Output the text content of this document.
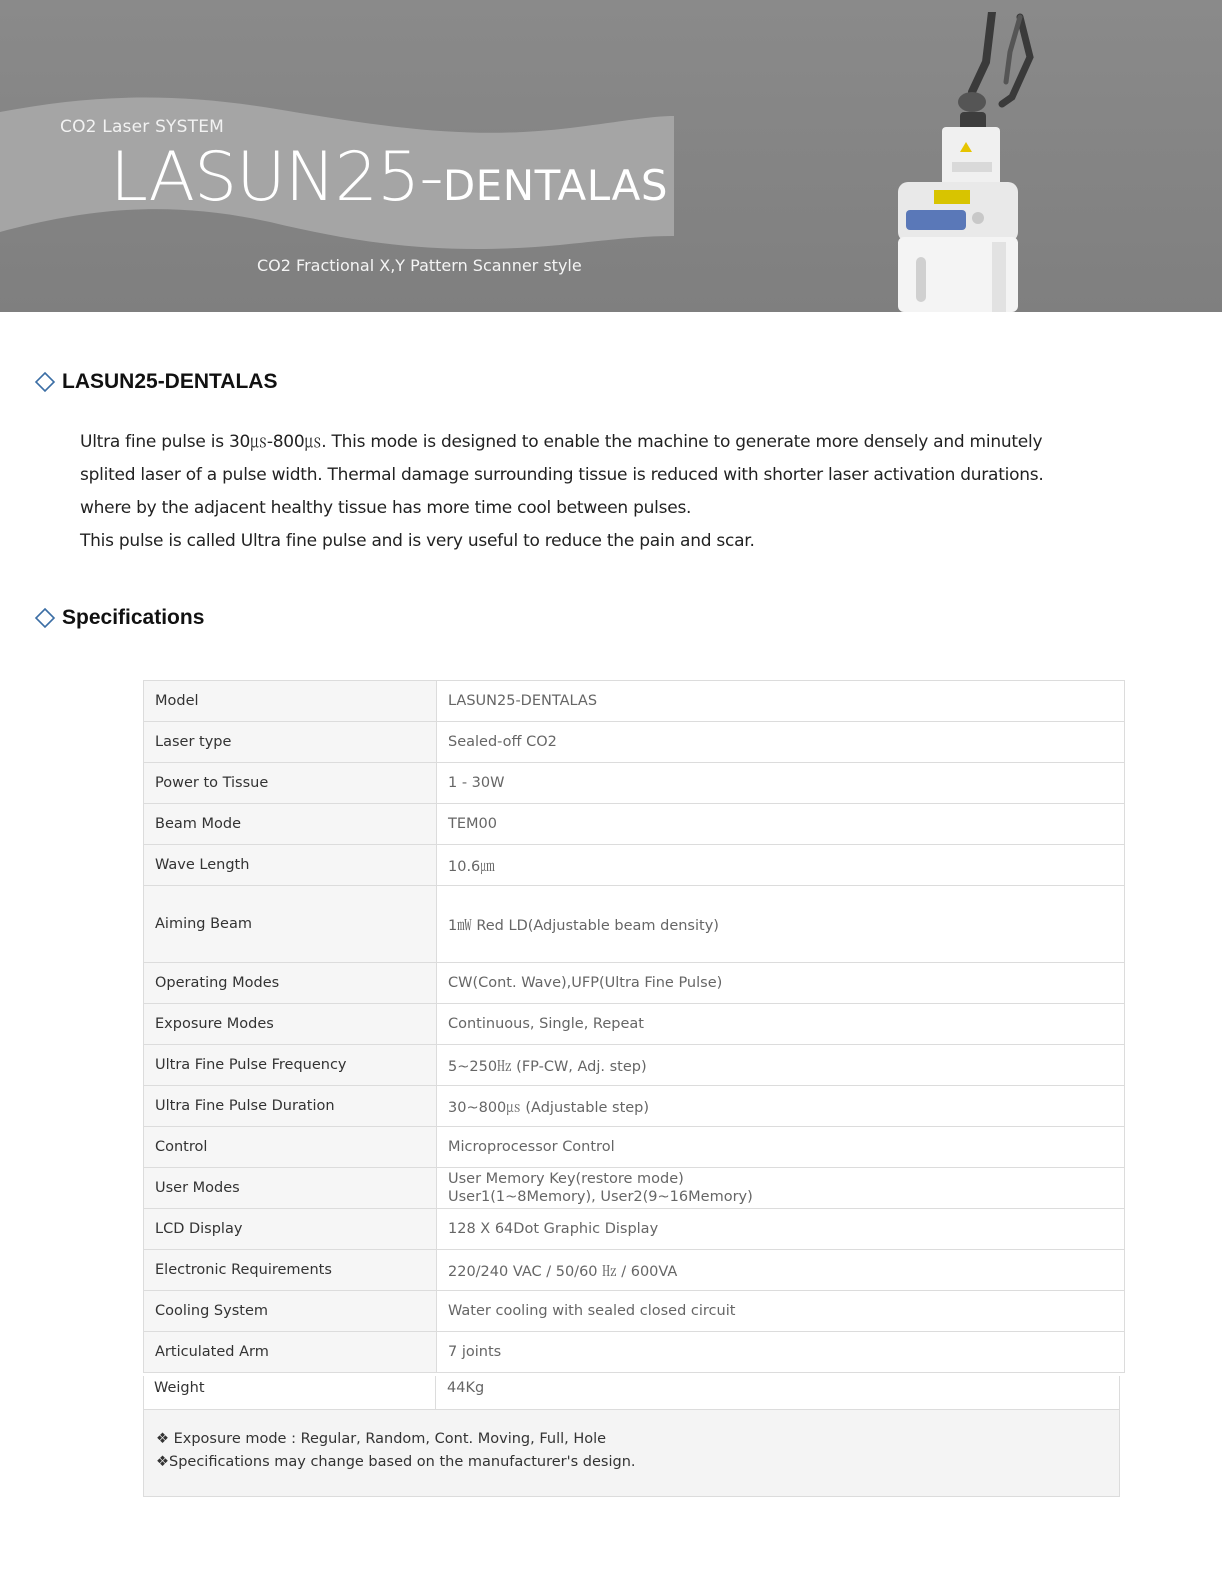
CO2 Laser SYSTEM
LASUN25-DENTALAS
CO2 Fractional X,Y Pattern Scanner style
LASUN25-DENTALAS

Ultra fine pulse is 30㎲-800㎲. This mode is designed to enable the machine to generate more densely and minutely

splited laser of a pulse width. Thermal damage surrounding tissue is reduced with shorter laser activation durations.

where by the adjacent healthy tissue has more time cool between pulses.

This pulse is called Ultra fine pulse and is very useful to reduce the pain and scar.

Specifications
Model	LASUN25-DENTALAS
Laser type	Sealed-off CO2
Power to Tissue	1 - 30W
Beam Mode	TEM00
Wave Length	10.6㎛
Aiming Beam	1㎽ Red LD(Adjustable beam density)
Operating Modes	CW(Cont. Wave),UFP(Ultra Fine Pulse)
Exposure Modes	Continuous, Single, Repeat
Ultra Fine Pulse Frequency	5~250㎐ (FP-CW, Adj. step)
Ultra Fine Pulse Duration	30~800㎲ (Adjustable step)
Control	Microprocessor Control
User Modes	User Memory Key(restore mode)
User1(1~8Memory), User2(9~16Memory)

LCD Display	128 X 64Dot Graphic Display
Electronic Requirements	220/240 VAC / 50/60 ㎐ / 600VA
Cooling System	Water cooling with sealed closed circuit
Articulated Arm	7 joints
Weight	44Kg
❖ Exposure mode : Regular, Random, Cont. Moving, Full, Hole
❖Specifications may change based on the manufacturer's design.
